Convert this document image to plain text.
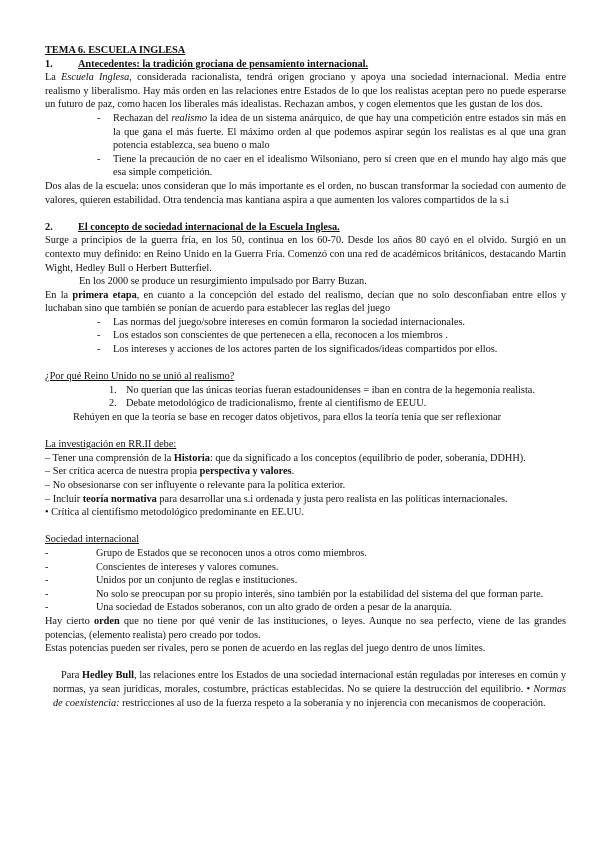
TEMA 6. ESCUELA INGLESA

1.	Antecedentes: la tradición grociana de pensamiento internacional.

La Escuela Inglesa, considerada racionalista, tendrá origen grociano y apoya una sociedad internacional. Media entre realismo y liberalismo. Hay más orden en las relaciones entre Estados de lo que los realistas aceptan pero no puede esperarse un futuro de paz, como hacen los liberales más idealistas. Rechazan ambos, y cogen elementos que les gustan de los dos.

- Rechazan del realismo la idea de un sistema anárquico, de que hay una competición entre estados sin más en la que gana el más fuerte. El máximo orden al que podemos aspirar según los realistas es al que una gran potencia establezca, sea bueno o malo
- Tiene la precaución de no caer en el idealismo Wilsoniano, pero sí creen que en el mundo hay algo más que esa simple competición.

Dos alas de la escuela: unos consideran que lo más importante es el orden, no buscan transformar la sociedad con aumento de valores, quieren estabilidad. Otra tendencia mas kantiana aspira a que aumenten los valores compartidos de la s.i

2.	El concepto de sociedad internacional de la Escuela Inglesa.

Surge a principios de la guerra fría, en los 50, continua en los 60-70. Desde los años 80 cayó en el olvido. Surgió en un contexto muy definido: en Reino Unido en la Guerra Fría. Comenzó con una red de académicos británicos, destacando Martin Wight, Hedley Bull o Herbert Butterfiel.

En los 2000 se produce un resurgimiento impulsado por Barry Buzan.

En la primera etapa, en cuanto a la concepción del estado del realismo, decían que no solo desconfiaban entre ellos y luchaban sino que también se ponían de acuerdo para establecer las reglas del juego

- Las normas del juego/sobre intereses en común formaron la sociedad internacionales.
- Los estados son conscientes de que pertenecen a ella, reconocen a los miembros .
- Los intereses y acciones de los actores parten de los significados/ideas compartidos por ellos.

¿Por qué Reino Unido no se unió al realismo?

1. No querían que las únicas teorías fueran estadounidenses = iban en contra de la hegemonía realista.
2. Debate metodológico de tradicionalismo, frente al cientifismo de EEUU.

Rehúyen en que la teoría se base en recoger datos objetivos, para ellos la teoría tenía que ser reflexionar

La investigación en RR.II debe:

– Tener una comprensión de la Historia: que da significado a los conceptos (equilibrio de poder, soberanía, DDHH).
– Ser crítica acerca de nuestra propia perspectiva y valores.
– No obsesionarse con ser influyente o relevante para la política exterior.
– Incluir teoría normativa para desarrollar una s.i ordenada y justa pero realista en las políticas internacionales.
• Crítica al cientifismo metodológico predominante en EE.UU.

Sociedad internacional

- Grupo de Estados que se reconocen unos a otros como miembros.
- Conscientes de intereses y valores comunes.
- Unidos por un conjunto de reglas e instituciones.
- No solo se preocupan por su propio interés, sino también por la estabilidad del sistema del que forman parte.
- Una sociedad de Estados soberanos, con un alto grado de orden a pesar de la anarquía.

Hay cierto orden que no tiene por qué venir de las instituciones, o leyes. Aunque no sea perfecto, viene de las grandes potencias, (elemento realista) pero creado por todos.

Estas potencias pueden ser rivales, pero se ponen de acuerdo en las reglas del juego dentro de unos límites.

Para Hedley Bull, las relaciones entre los Estados de una sociedad internacional están reguladas por intereses en común y normas, ya sean jurídicas, morales, costumbre, prácticas establecidas. No se quiere la destrucción del equilibrio. • Normas de coexistencia: restricciones al uso de la fuerza respeto a la soberanía y no injerencia con mecanismos de cooperación.
